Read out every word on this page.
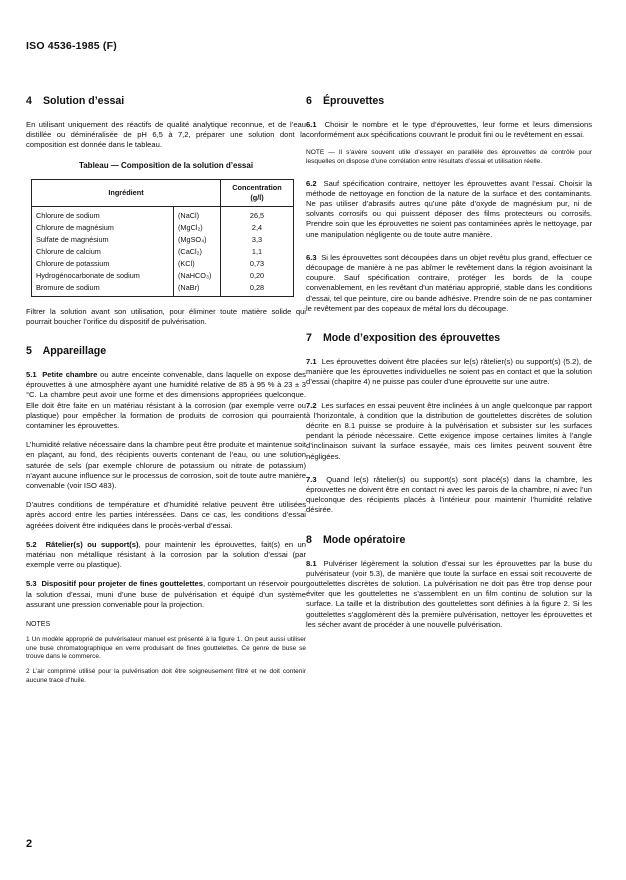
ISO 4536-1985 (F)
4 Solution d’essai

En utilisant uniquement des réactifs de qualité analytique reconnue, et de l’eau distillée ou déminéralisée de pH 6,5 à 7,2, préparer une solution dont la composition est donnée dans le tableau.

Tableau — Composition de la solution d’essai
Ingrédient		Concentration (g/l)
Chlorure de sodium	(NaCl)	26,5
Chlorure de magnésium	(MgCl₂)	2,4
Sulfate de magnésium	(MgSO₄)	3,3
Chlorure de calcium	(CaCl₂)	1,1
Chlorure de potassium	(KCl)	0,73
Hydrogénocarbonate de sodium	(NaHCO₃)	0,20
Bromure de sodium	(NaBr)	0,28

Filtrer la solution avant son utilisation, pour éliminer toute matière solide qui pourrait boucher l’orifice du dispositif de pulvérisation.

5 Appareillage

5.1 Petite chambre ou autre enceinte convenable, dans laquelle on expose des éprouvettes à une atmosphère ayant une humidité relative de 85 à 95 % à 23 ± 3 °C. La chambre peut avoir une forme et des dimensions appropriées quelconque. Elle doit être faite en un matériau résistant à la corrosion (par exemple verre ou plastique) pour empêcher la formation de produits de corrosion qui pourraient contaminer les éprouvettes.

L’humidité relative nécessaire dans la chambre peut être produite et maintenue soit en plaçant, au fond, des récipients ouverts contenant de l’eau, ou une solution saturée de sels (par exemple chlorure de potassium ou nitrate de potassium) n’ayant aucune influence sur le processus de corrosion, soit de toute autre manière convenable (voir ISO 483).

D’autres conditions de température et d’humidité relative peuvent être utilisées après accord entre les parties intéressées. Dans ce cas, les conditions d’essai agréées doivent être indiquées dans le procès-verbal d’essai.

5.2 Râtelier(s) ou support(s), pour maintenir les éprouvettes, fait(s) en un matériau non métallique résistant à la corrosion par la solution d’essai (par exemple verre ou plastique).

5.3 Dispositif pour projeter de fines gouttelettes, comportant un réservoir pour la solution d’essai, muni d’une buse de pulvérisation et équipé d’un système assurant une pression convenable pour la projection.

NOTES

1 Un modèle approprié de pulvérisateur manuel est présenté à la figure 1. On peut aussi utiliser une buse chromatographique en verre produisant de fines gouttelettes. Ce genre de buse se trouve dans le commerce.

2 L’air comprimé utilisé pour la pulvérisation doit être soigneusement filtré et ne doit contenir aucune trace d’huile.

6 Éprouvettes

6.1 Choisir le nombre et le type d’éprouvettes, leur forme et leurs dimensions conformément aux spécifications couvrant le produit fini ou le revêtement en essai.

NOTE — Il s’avère souvent utile d’essayer en parallèle des éprouvettes de contrôle pour lesquelles on dispose d’une corrélation entre résultats d’essai et utilisation réelle.

6.2 Sauf spécification contraire, nettoyer les éprouvettes avant l’essai. Choisir la méthode de nettoyage en fonction de la nature de la surface et des contaminants. Ne pas utiliser d’abrasifs autres qu’une pâte d’oxyde de magnésium pur, ni de solvants corrosifs ou qui puissent déposer des films protecteurs ou corrosifs. Prendre soin que les éprouvettes ne soient pas contaminées après le nettoyage, par une manipulation négligente ou de toute autre manière.

6.3 Si les éprouvettes sont découpées dans un objet revêtu plus grand, effectuer ce découpage de manière à ne pas abîmer le revêtement dans la région avoisinant la coupure. Sauf spécification contraire, protéger les bords de la coupe convenablement, en les revêtant d’un matériau approprié, stable dans les conditions d’essai, tel que peinture, cire ou bande adhésive. Prendre soin de ne pas contaminer le revêtement par des copeaux de métal lors du découpage.

7 Mode d’exposition des éprouvettes

7.1 Les éprouvettes doivent être placées sur le(s) râtelier(s) ou support(s) (5.2), de manière que les éprouvettes individuelles ne soient pas en contact et que la solution d’essai (chapitre 4) ne puisse pas couler d’une éprouvette sur une autre.

7.2 Les surfaces en essai peuvent être inclinées à un angle quelconque par rapport à l’horizontale, à condition que la distribution de gouttelettes discrètes de solution décrite en 8.1 puisse se produire à la pulvérisation et subsister sur les surfaces pendant la période nécessaire. Cette exigence impose certaines limites à l’angle d’inclinaison suivant la surface essayée, mais ces limites peuvent souvent être négligées.

7.3 Quand le(s) râtelier(s) ou support(s) sont placé(s) dans la chambre, les éprouvettes ne doivent être en contact ni avec les parois de la chambre, ni avec l’un quelconque des récipients placés à l’intérieur pour maintenir l’humidité relative désirée.

8 Mode opératoire

8.1 Pulvériser légèrement la solution d’essai sur les éprouvettes par la buse du pulvérisateur (voir 5.3), de manière que toute la surface en essai soit recouverte de gouttelettes discrètes de solution. La pulvérisation ne doit pas être trop dense pour éviter que les gouttelettes ne s’assemblent en un film continu de solution sur la surface. La taille et la distribution des gouttelettes sont définies à la figure 2. Si les gouttelettes s’agglomèrent dès la première pulvérisation, nettoyer les éprouvettes et les sécher avant de procéder à une nouvelle pulvérisation.

2
